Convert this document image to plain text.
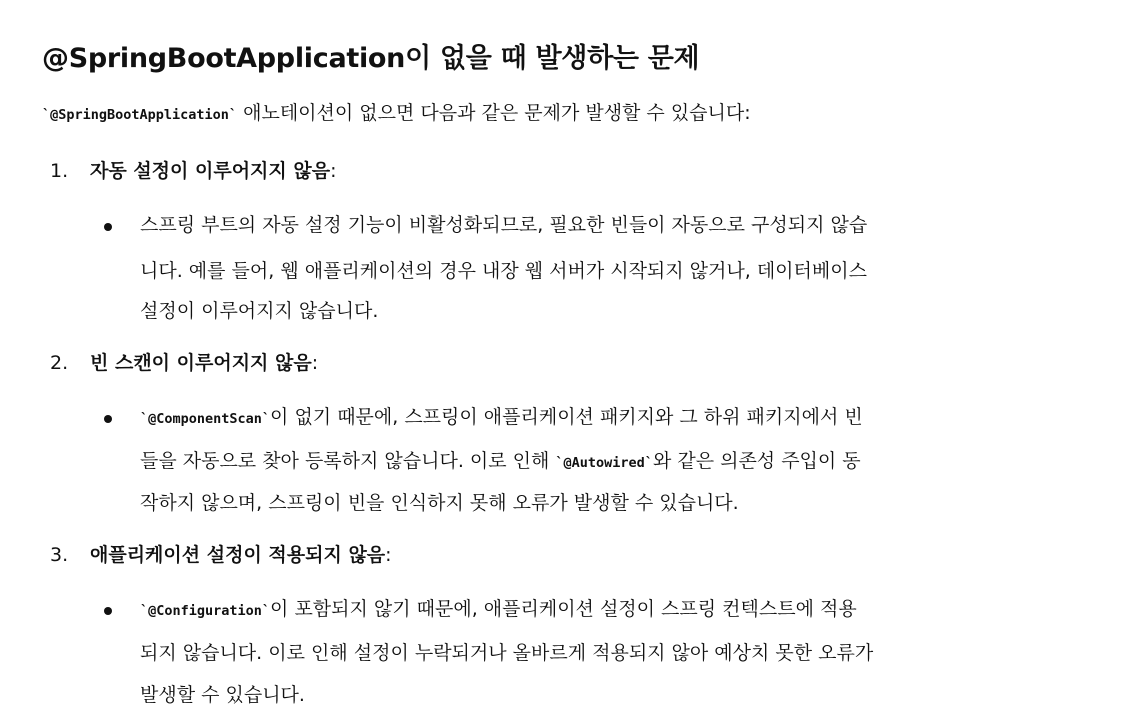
@SpringBootApplication이 없을 때 발생하는 문제

`@SpringBootApplication` 애노테이션이 없으면 다음과 같은 문제가 발생할 수 있습니다:

1. 자동 설정이 이루어지지 않음:

스프링 부트의 자동 설정 기능이 비활성화되므로, 필요한 빈들이 자동으로 구성되지 않습
니다. 예를 들어, 웹 애플리케이션의 경우 내장 웹 서버가 시작되지 않거나, 데이터베이스
설정이 이루어지지 않습니다.

2. 빈 스캔이 이루어지지 않음:

`@ComponentScan`이 없기 때문에, 스프링이 애플리케이션 패키지와 그 하위 패키지에서 빈
들을 자동으로 찾아 등록하지 않습니다. 이로 인해 `@Autowired`와 같은 의존성 주입이 동
작하지 않으며, 스프링이 빈을 인식하지 못해 오류가 발생할 수 있습니다.

3. 애플리케이션 설정이 적용되지 않음:

`@Configuration`이 포함되지 않기 때문에, 애플리케이션 설정이 스프링 컨텍스트에 적용
되지 않습니다. 이로 인해 설정이 누락되거나 올바르게 적용되지 않아 예상치 못한 오류가
발생할 수 있습니다.
